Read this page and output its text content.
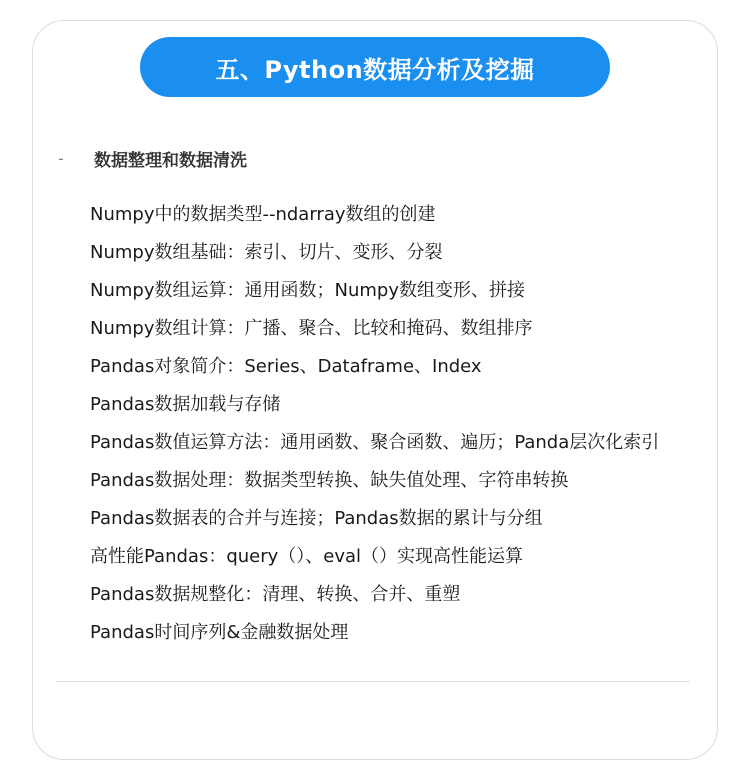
五、Python数据分析及挖掘
-	数据整理和数据清洗
Numpy中的数据类型--ndarray数组的创建
Numpy数组基础：索引、切片、变形、分裂
Numpy数组运算：通用函数；Numpy数组变形、拼接
Numpy数组计算：广播、聚合、比较和掩码、数组排序
Pandas对象简介：Series、Dataframe、Index
Pandas数据加载与存储
Pandas数值运算方法：通用函数、聚合函数、遍历；Panda层次化索引
Pandas数据处理：数据类型转换、缺失值处理、字符串转换
Pandas数据表的合并与连接；Pandas数据的累计与分组
高性能Pandas：query（）、eval（）实现高性能运算
Pandas数据规整化：清理、转换、合并、重塑
Pandas时间序列&金融数据处理
